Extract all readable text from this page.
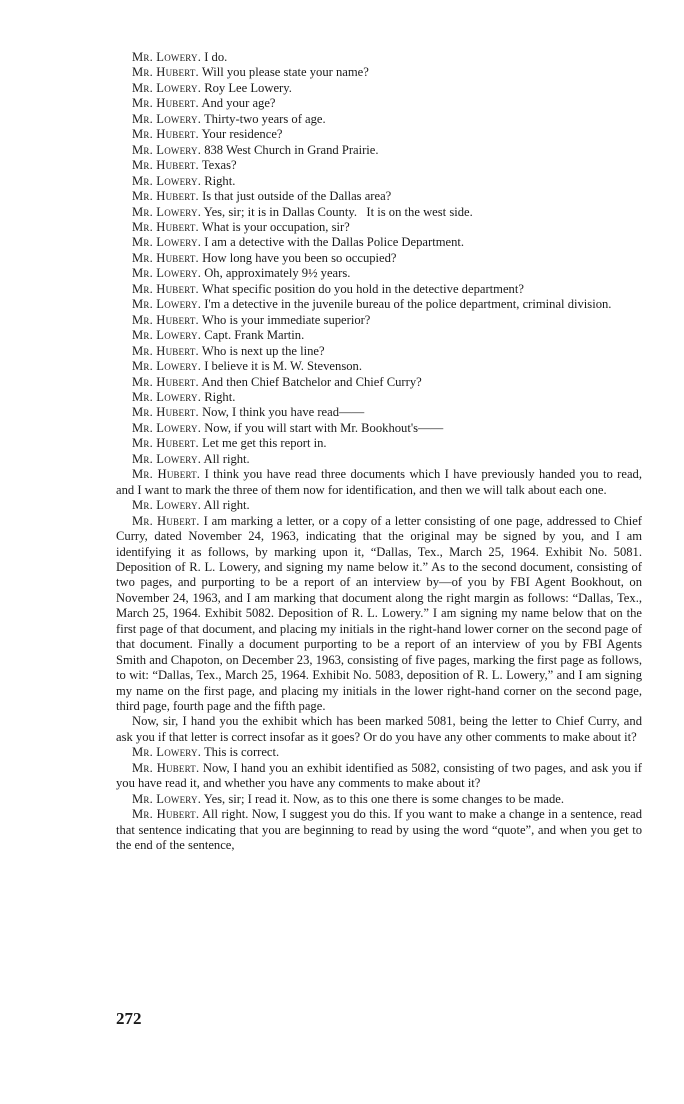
Mr. Lowery. I do.

Mr. Hubert. Will you please state your name?

Mr. Lowery. Roy Lee Lowery.

Mr. Hubert. And your age?

Mr. Lowery. Thirty-two years of age.

Mr. Hubert. Your residence?

Mr. Lowery. 838 West Church in Grand Prairie.

Mr. Hubert. Texas?

Mr. Lowery. Right.

Mr. Hubert. Is that just outside of the Dallas area?

Mr. Lowery. Yes, sir; it is in Dallas County.   It is on the west side.

Mr. Hubert. What is your occupation, sir?

Mr. Lowery. I am a detective with the Dallas Police Department.

Mr. Hubert. How long have you been so occupied?

Mr. Lowery. Oh, approximately 9½ years.

Mr. Hubert. What specific position do you hold in the detective department?

Mr. Lowery. I'm a detective in the juvenile bureau of the police department, criminal division.

Mr. Hubert. Who is your immediate superior?

Mr. Lowery. Capt. Frank Martin.

Mr. Hubert. Who is next up the line?

Mr. Lowery. I believe it is M. W. Stevenson.

Mr. Hubert. And then Chief Batchelor and Chief Curry?

Mr. Lowery. Right.

Mr. Hubert. Now, I think you have read——

Mr. Lowery. Now, if you will start with Mr. Bookhout's——

Mr. Hubert. Let me get this report in.

Mr. Lowery. All right.

Mr. Hubert. I think you have read three documents which I have previously handed you to read, and I want to mark the three of them now for identification, and then we will talk about each one.

Mr. Lowery. All right.

Mr. Hubert. I am marking a letter, or a copy of a letter consisting of one page, addressed to Chief Curry, dated November 24, 1963, indicating that the original may be signed by you, and I am identifying it as follows, by marking upon it, “Dallas, Tex., March 25, 1964. Exhibit No. 5081. Deposition of R. L. Lowery, and signing my name below it.” As to the second document, consisting of two pages, and purporting to be a report of an interview by—of you by FBI Agent Bookhout, on November 24, 1963, and I am marking that document along the right margin as follows: “Dallas, Tex., March 25, 1964. Exhibit 5082. Deposition of R. L. Lowery.” I am signing my name below that on the first page of that document, and placing my initials in the right-hand lower corner on the second page of that document. Finally a document purporting to be a report of an interview of you by FBI Agents Smith and Chapoton, on December 23, 1963, consisting of five pages, marking the first page as follows, to wit: “Dallas, Tex., March 25, 1964. Exhibit No. 5083, deposition of R. L. Lowery,” and I am signing my name on the first page, and placing my initials in the lower right-hand corner on the second page, third page, fourth page and the fifth page.

Now, sir, I hand you the exhibit which has been marked 5081, being the letter to Chief Curry, and ask you if that letter is correct insofar as it goes? Or do you have any other comments to make about it?

Mr. Lowery. This is correct.

Mr. Hubert. Now, I hand you an exhibit identified as 5082, consisting of two pages, and ask you if you have read it, and whether you have any comments to make about it?

Mr. Lowery. Yes, sir; I read it. Now, as to this one there is some changes to be made.

Mr. Hubert. All right. Now, I suggest you do this. If you want to make a change in a sentence, read that sentence indicating that you are beginning to read by using the word “quote”, and when you get to the end of the sentence,

272
